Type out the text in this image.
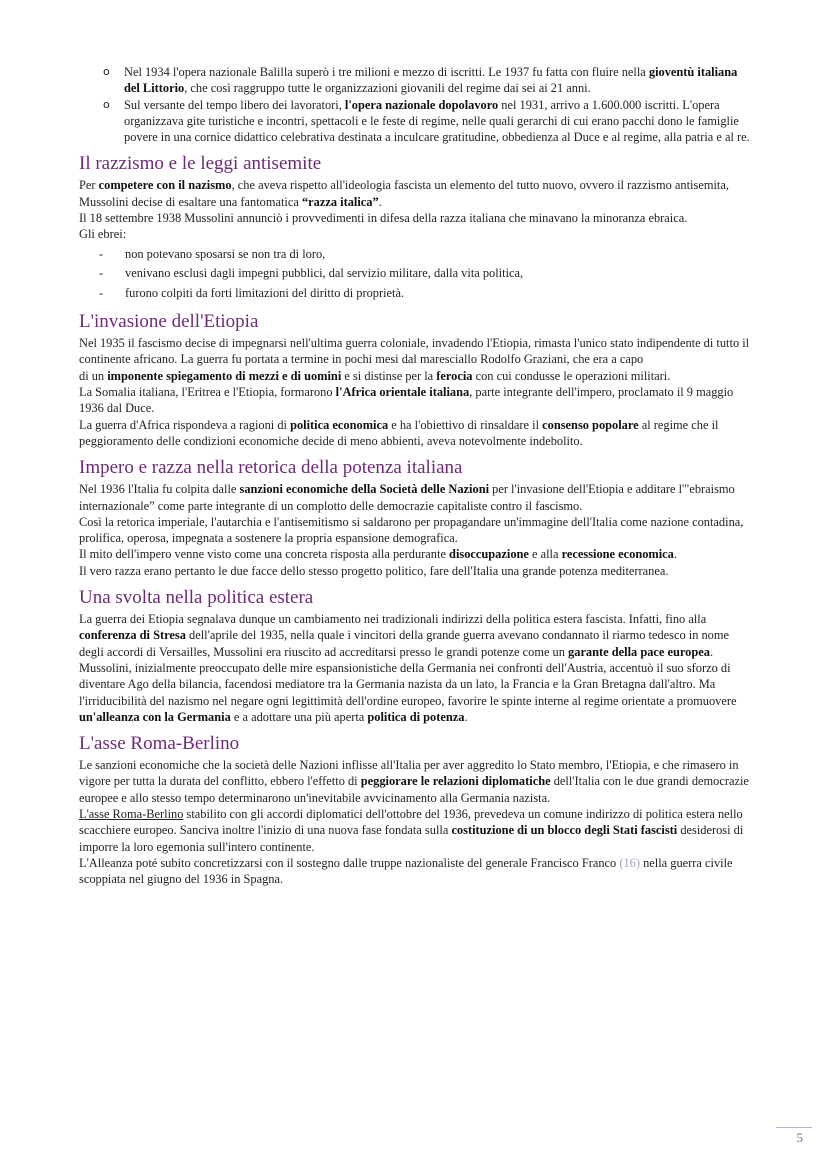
o Nel 1934 l'opera nazionale Balilla superò i tre milioni e mezzo di iscritti. Le 1937 fu fatta con fluire nella gioventù italiana del Littorio, che così raggruppo tutte le organizzazioni giovanili del regime dai sei ai 21 anni.
o Sul versante del tempo libero dei lavoratori, l'opera nazionale dopolavoro nel 1931, arrivo a 1.600.000 iscritti. L'opera organizzava gite turistiche e incontri, spettacoli e le feste di regime, nelle quali gerarchi di cui erano pacchi dono le famiglie povere in una cornice didattico celebrativa destinata a inculcare gratitudine, obbedienza al Duce e al regime, alla patria e al re.
Il razzismo e le leggi antisemite

Per competere con il nazismo, che aveva rispetto all'ideologia fascista un elemento del tutto nuovo, ovvero il razzismo antisemita, Mussolini decise di esaltare una fantomatica “razza italica”.

Il 18 settembre 1938 Mussolini annunciò i provvedimenti in difesa della razza italiana che minavano la minoranza ebraica.

Gli ebrei:

- non potevano sposarsi se non tra di loro,
- venivano esclusi dagli impegni pubblici, dal servizio militare, dalla vita politica,
- furono colpiti da forti limitazioni del diritto di proprietà.
L'invasione dell'Etiopia

Nel 1935 il fascismo decise di impegnarsi nell'ultima guerra coloniale, invadendo l'Etiopia, rimasta l'unico stato indipendente di tutto il continente africano. La guerra fu portata a termine in pochi mesi dal maresciallo Rodolfo Graziani, che era a capo

di un imponente spiegamento di mezzi e di uomini e si distinse per la ferocia con cui condusse le operazioni militari.

La Somalia italiana, l'Eritrea e l'Etiopia, formarono l'Africa orientale italiana, parte integrante dell'impero, proclamato il 9 maggio 1936 dal Duce.

La guerra d'Africa rispondeva a ragioni di politica economica e ha l'obiettivo di rinsaldare il consenso popolare al regime che il peggioramento delle condizioni economiche decide di meno abbienti, aveva notevolmente indebolito.

Impero e razza nella retorica della potenza italiana

Nel 1936 l'Italia fu colpita dalle sanzioni economiche della Società delle Nazioni per l'invasione dell'Etiopia e additare l'"ebraismo internazionale” come parte integrante di un complotto delle democrazie capitaliste contro il fascismo.

Così la retorica imperiale, l'autarchia e l'antisemitismo si saldarono per propagandare un'immagine dell'Italia come nazione contadina, prolifica, operosa, impegnata a sostenere la propria espansione demografica.

Il mito dell'impero venne visto come una concreta risposta alla perdurante disoccupazione e alla recessione economica.

Il vero razza erano pertanto le due facce dello stesso progetto politico, fare dell'Italia una grande potenza mediterranea.

Una svolta nella politica estera

La guerra dei Etiopia segnalava dunque un cambiamento nei tradizionali indirizzi della politica estera fascista. Infatti, fino alla conferenza di Stresa dell'aprile del 1935, nella quale i vincitori della grande guerra avevano condannato il riarmo tedesco in nome degli accordi di Versailles, Mussolini era riuscito ad accreditarsi presso le grandi potenze come un garante della pace europea.

Mussolini, inizialmente preoccupato delle mire espansionistiche della Germania nei confronti dell'Austria, accentuò il suo sforzo di diventare Ago della bilancia, facendosi mediatore tra la Germania nazista da un lato, la Francia e la Gran Bretagna dall'altro. Ma l'irriducibilità del nazismo nel negare ogni legittimità dell'ordine europeo, favorire le spinte interne al regime orientate a promuovere un'alleanza con la Germania e a adottare una più aperta politica di potenza.

L'asse Roma-Berlino

Le sanzioni economiche che la società delle Nazioni inflisse all'Italia per aver aggredito lo Stato membro, l'Etiopia, e che rimasero in vigore per tutta la durata del conflitto, ebbero l'effetto di peggiorare le relazioni diplomatiche dell'Italia con le due grandi democrazie europee e allo stesso tempo determinarono un'inevitabile avvicinamento alla Germania nazista.

L'asse Roma-Berlino stabilito con gli accordi diplomatici dell'ottobre del 1936, prevedeva un comune indirizzo di politica estera nello scacchiere europeo. Sanciva inoltre l'inizio di una nuova fase fondata sulla costituzione di un blocco degli Stati fascisti desiderosi di imporre la loro egemonia sull'intero continente.

L'Alleanza poté subito concretizzarsi con il sostegno dalle truppe nazionaliste del generale Francisco Franco (16) nella guerra civile scoppiata nel giugno del 1936 in Spagna.

5
